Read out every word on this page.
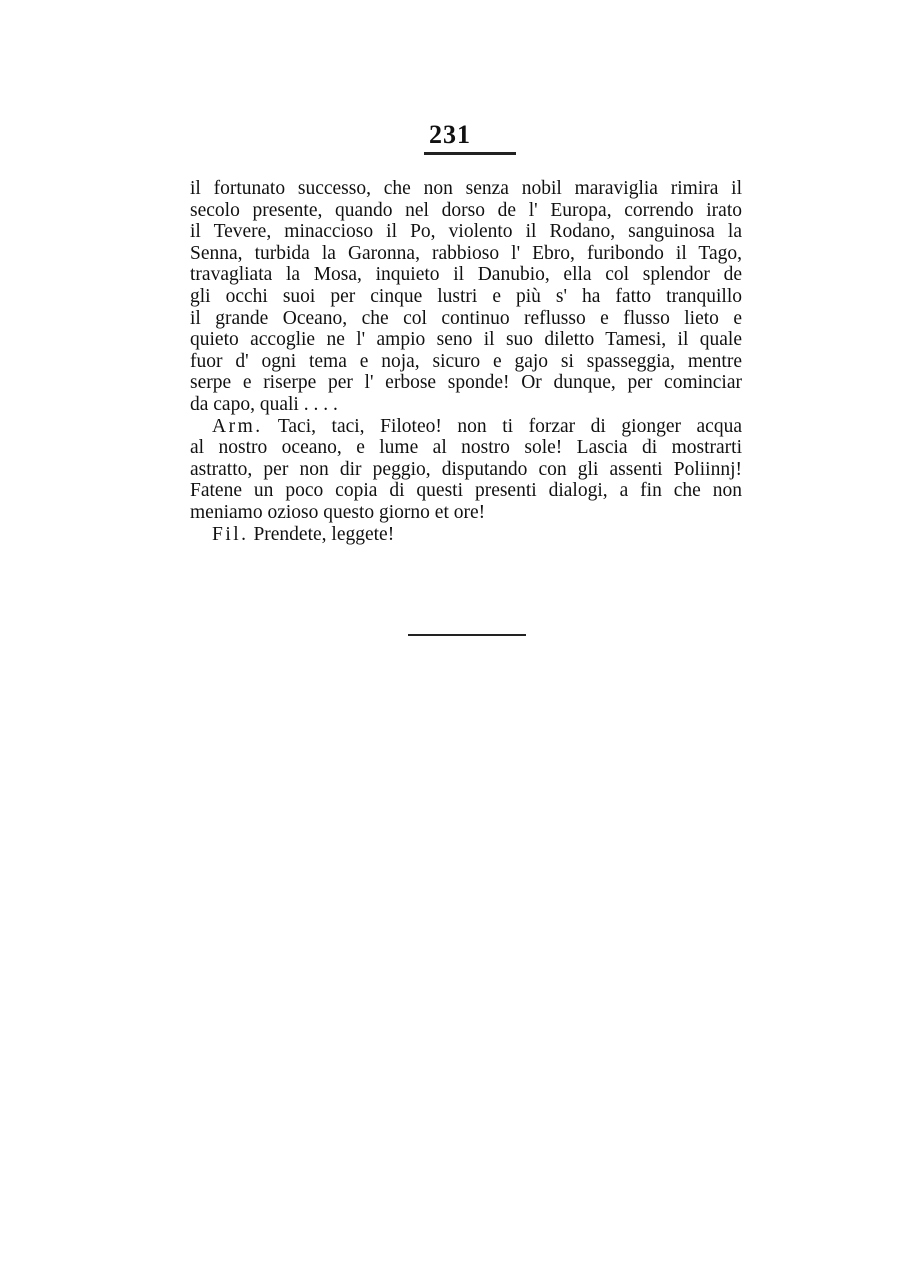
231
il fortunato successo, che non senza nobil maraviglia rimira il
secolo presente, quando nel dorso de l' Europa, correndo irato
il Tevere, minaccioso il Po, violento il Rodano, sanguinosa la
Senna, turbida la Garonna, rabbioso l' Ebro, furibondo il Tago,
travagliata la Mosa, inquieto il Danubio, ella col splendor de
gli occhi suoi per cinque lustri e più s' ha fatto tranquillo
il grande Oceano, che col continuo reflusso e flusso lieto e
quieto accoglie ne l' ampio seno il suo diletto Tamesi, il quale
fuor d' ogni tema e noja, sicuro e gajo si spasseggia, mentre
serpe e riserpe per l' erbose sponde! Or dunque, per cominciar
da capo, quali . . . .
Arm. Taci, taci, Filoteo! non ti forzar di gionger acqua
al nostro oceano, e lume al nostro sole! Lascia di mostrarti
astratto, per non dir peggio, disputando con gli assenti Poliinnj!
Fatene un poco copia di questi presenti dialogi, a fin che non
meniamo ozioso questo giorno et ore!
Fil. Prendete, leggete!
